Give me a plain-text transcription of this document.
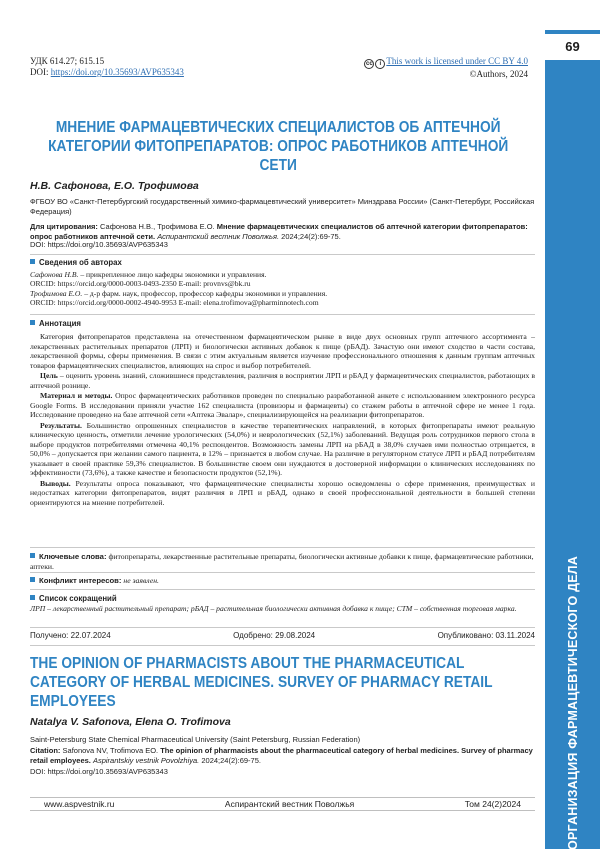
69
ОРГАНИЗАЦИЯ ФАРМАЦЕВТИЧЕСКОГО ДЕЛА
УДК 614.27; 615.15
DOI: https://doi.org/10.35693/AVP635343
cc i This work is licensed under CC BY 4.0
©Authors, 2024
МНЕНИЕ ФАРМАЦЕВТИЧЕСКИХ СПЕЦИАЛИСТОВ ОБ АПТЕЧНОЙ КАТЕГОРИИ ФИТОПРЕПАРАТОВ: ОПРОС РАБОТНИКОВ АПТЕЧНОЙ СЕТИ
Н.В. Сафонова, Е.О. Трофимова
ФГБОУ ВО «Санкт-Петербургский государственный химико-фармацевтический университет» Минздрава России» (Санкт-Петербург, Российская Федерация)
Для цитирования: Сафонова Н.В., Трофимова Е.О. Мнение фармацевтических специалистов об аптечной категории фитопрепаратов: опрос работников аптечной сети. Аспирантский вестник Поволжья. 2024;24(2):69-75.
DOI: https://doi.org/10.35693/AVP635343
Сведения об авторах
Сафонова Н.В. – прикрепленное лицо кафедры экономики и управления.
ORCID: https://orcid.org/0000-0003-0493-2350 E-mail: provnvs@bk.ru
Трофимова Е.О. – д-р фарм. наук, профессор, профессор кафедры экономики и управления.
ORCID: https://orcid.org/0000-0002-4940-9953 E-mail: elena.trofimova@pharminnotech.com
Аннотация

Категория фитопрепаратов представлена на отечественном фармацевтическом рынке в виде двух основных групп аптечного ассортимента – лекарственных растительных препаратов (ЛРП) и биологически активных добавок к пище (рБАД). Зачастую они имеют сходство в части состава, лекарственной формы, сферы применения. В связи с этим актуальным является изучение профессионального отношения к данным группам аптечных товаров фармацевтических специалистов, влияющих на спрос и выбор потребителей.

Цель – оценить уровень знаний, сложившиеся представления, различия в восприятии ЛРП и рБАД у фармацевтических специалистов, работающих в аптечной рознице.

Материал и методы. Опрос фармацевтических работников проведен по специально разработанной анкете с использованием электронного ресурса Google Forms. В исследовании приняли участие 162 специалиста (провизоры и фармацевты) со стажем работы в аптечной сфере не менее 1 года. Исследование проведено на базе аптечной сети «Аптека Эвалар», специализирующейся на реализации фитопрепаратов.

Результаты. Большинство опрошенных специалистов в качестве терапевтических направлений, в которых фитопрепараты имеют реальную клиническую ценность, отметили лечение урологических (54,0%) и неврологических (52,1%) заболеваний. Ведущая роль сотрудников первого стола в выборе продуктов потребителями отмечена 40,1% респондентов. Возможность замены ЛРП на рБАД в 38,0% случаев ими полностью отрицается, в 50,0% – допускается при желании самого пациента, в 12% – признается в любом случае. На различие в регуляторном статусе ЛРП и рБАД потребителям указывает в своей практике 59,3% специалистов. В большинстве своем они нуждаются в достоверной информации о клинических исследованиях по эффективности (73,6%), а также качестве и безопасности продуктов (52,1%).

Выводы. Результаты опроса показывают, что фармацевтические специалисты хорошо осведомлены о сфере применения, преимуществах и недостатках категории фитопрепаратов, видят различия в ЛРП и рБАД, однако в своей профессиональной деятельности в большей степени ориентируются на мнение потребителей.

Ключевые слова: фитопрепараты, лекарственные растительные препараты, биологически активные добавки к пище, фармацевтические работники, аптеки.
Конфликт интересов: не заявлен.
Список сокращений
ЛРП – лекарственный растительный препарат; рБАД – растительная биологически активная добавка к пище; СТМ – собственная торговая марка.
Получено: 22.07.2024	Одобрено: 29.08.2024	Опубликовано: 03.11.2024
THE OPINION OF PHARMACISTS ABOUT THE PHARMACEUTICAL CATEGORY OF HERBAL MEDICINES. SURVEY OF PHARMACY RETAIL EMPLOYEES
Natalya V. Safonova, Elena O. Trofimova
Saint-Petersburg State Chemical Pharmaceutical University (Saint Petersburg, Russian Federation)
Citation: Safonova NV, Trofimova EO. The opinion of pharmacists about the pharmaceutical category of herbal medicines. Survey of pharmacy retail employees. Aspirantskiy vestnik Povolzhiya. 2024;24(2):69-75.
DOI: https://doi.org/10.35693/AVP635343
www.aspvestnik.ru	Аспирантский вестник Поволжья	Том 24(2)2024
